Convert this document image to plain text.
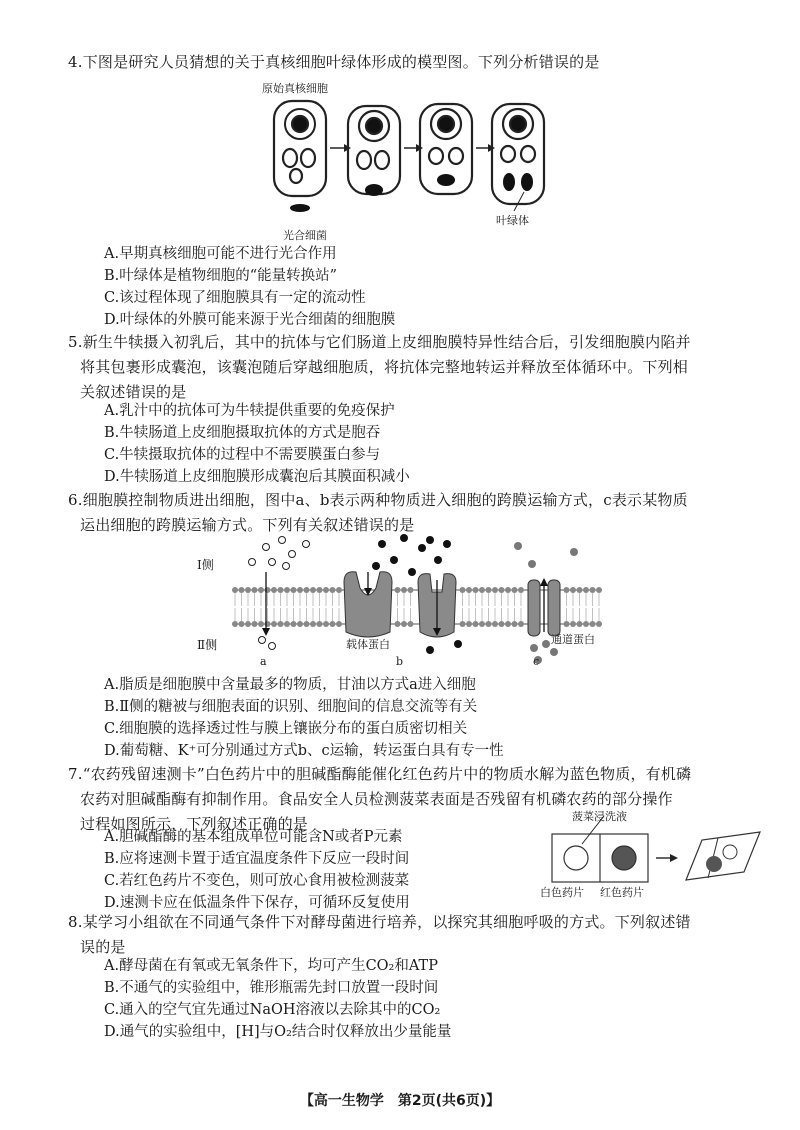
4.下图是研究人员猜想的关于真核细胞叶绿体形成的模型图。下列分析错误的是
原始真核细胞
光合细菌
叶绿体
A.早期真核细胞可能不进行光合作用
B.叶绿体是植物细胞的“能量转换站”
C.该过程体现了细胞膜具有一定的流动性
D.叶绿体的外膜可能来源于光合细菌的细胞膜
5.新生牛犊摄入初乳后，其中的抗体与它们肠道上皮细胞膜特异性结合后，引发细胞膜内陷并
将其包裹形成囊泡，该囊泡随后穿越细胞质，将抗体完整地转运并释放至体循环中。下列相
关叙述错误的是
A.乳汁中的抗体可为牛犊提供重要的免疫保护
B.牛犊肠道上皮细胞摄取抗体的方式是胞吞
C.牛犊摄取抗体的过程中不需要膜蛋白参与
D.牛犊肠道上皮细胞膜形成囊泡后其膜面积减小
6.细胞膜控制物质进出细胞，图中a、b表示两种物质进入细胞的跨膜运输方式，c表示某物质
运出细胞的跨膜运输方式。下列有关叙述错误的是
Ⅰ侧
Ⅱ侧	载体蛋白	通道蛋白
a	b	c
A.脂质是细胞膜中含量最多的物质，甘油以方式a进入细胞
B.Ⅱ侧的糖被与细胞表面的识别、细胞间的信息交流等有关
C.细胞膜的选择透过性与膜上镶嵌分布的蛋白质密切相关
D.葡萄糖、K⁺可分别通过方式b、c运输，转运蛋白具有专一性
7.“农药残留速测卡”白色药片中的胆碱酯酶能催化红色药片中的物质水解为蓝色物质，有机磷
农药对胆碱酯酶有抑制作用。食品安全人员检测菠菜表面是否残留有机磷农药的部分操作
过程如图所示，下列叙述正确的是
A.胆碱酯酶的基本组成单位可能含N或者P元素
B.应将速测卡置于适宜温度条件下反应一段时间
C.若红色药片不变色，则可放心食用被检测菠菜
D.速测卡应在低温条件下保存，可循环反复使用
菠菜浸洗液
白色药片 红色药片
8.某学习小组欲在不同通气条件下对酵母菌进行培养，以探究其细胞呼吸的方式。下列叙述错
误的是
A.酵母菌在有氧或无氧条件下，均可产生CO₂和ATP
B.不通气的实验组中，锥形瓶需先封口放置一段时间
C.通入的空气宜先通过NaOH溶液以去除其中的CO₂
D.通气的实验组中，[H]与O₂结合时仅释放出少量能量
【高一生物学　第2页(共6页)】
